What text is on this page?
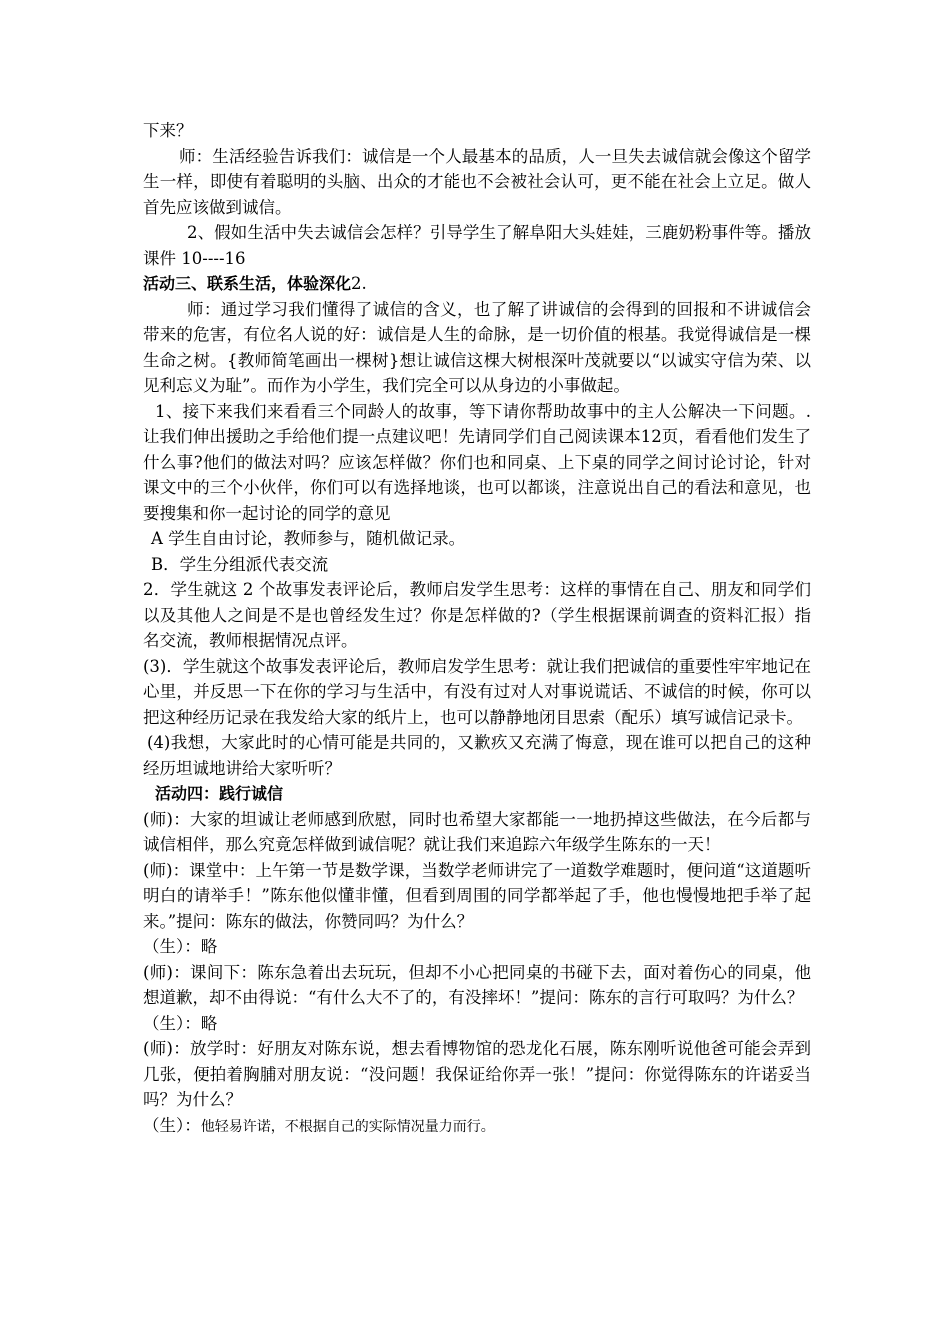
下来？

师：生活经验告诉我们：诚信是一个人最基本的品质，人一旦失去诚信就会像这个留学生一样，即使有着聪明的头脑、出众的才能也不会被社会认可，更不能在社会上立足。做人首先应该做到诚信。

2、假如生活中失去诚信会怎样？引导学生了解阜阳大头娃娃，三鹿奶粉事件等。播放课件 10----16

活动三、联系生活，体验深化2.

师：通过学习我们懂得了诚信的含义，也了解了讲诚信的会得到的回报和不讲诚信会带来的危害，有位名人说的好：诚信是人生的命脉，是一切价值的根基。我觉得诚信是一棵生命之树。{教师简笔画出一棵树}想让诚信这棵大树根深叶茂就要以“以诚实守信为荣、以见利忘义为耻”。而作为小学生，我们完全可以从身边的小事做起。

1、接下来我们来看看三个同龄人的故事，等下请你帮助故事中的主人公解决一下问题。.让我们伸出援助之手给他们提一点建议吧！先请同学们自己阅读课本12页，看看他们发生了什么事?他们的做法对吗？应该怎样做？你们也和同桌、上下桌的同学之间讨论讨论，针对课文中的三个小伙伴，你们可以有选择地谈，也可以都谈，注意说出自己的看法和意见，也要搜集和你一起讨论的同学的意见

A 学生自由讨论，教师参与，随机做记录。

B．学生分组派代表交流

2．学生就这 2 个故事发表评论后，教师启发学生思考：这样的事情在自己、朋友和同学们以及其他人之间是不是也曾经发生过？你是怎样做的?（学生根据课前调查的资料汇报）指名交流，教师根据情况点评。

(3)．学生就这个故事发表评论后，教师启发学生思考：就让我们把诚信的重要性牢牢地记在心里，并反思一下在你的学习与生活中，有没有过对人对事说谎话、不诚信的时候，你可以把这种经历记录在我发给大家的纸片上，也可以静静地闭目思索（配乐）填写诚信记录卡。

(4)我想，大家此时的心情可能是共同的，又歉疚又充满了悔意，现在谁可以把自己的这种经历坦诚地讲给大家听听？

活动四：践行诚信

(师)：大家的坦诚让老师感到欣慰，同时也希望大家都能一一地扔掉这些做法，在今后都与诚信相伴，那么究竟怎样做到诚信呢？就让我们来追踪六年级学生陈东的一天！

(师)：课堂中：上午第一节是数学课，当数学老师讲完了一道数学难题时，便问道“这道题听明白的请举手！”陈东他似懂非懂，但看到周围的同学都举起了手，他也慢慢地把手举了起来。”提问：陈东的做法，你赞同吗？为什么？

（生）：略

(师)：课间下：陈东急着出去玩玩，但却不小心把同桌的书碰下去，面对着伤心的同桌，他想道歉，却不由得说：“有什么大不了的，有没摔坏！”提问：陈东的言行可取吗？为什么？

（生）：略

(师)：放学时：好朋友对陈东说，想去看博物馆的恐龙化石展，陈东刚听说他爸可能会弄到几张，便拍着胸脯对朋友说：“没问题！我保证给你弄一张！”提问：你觉得陈东的许诺妥当吗？为什么？

（生）：他轻易许诺，不根据自己的实际情况量力而行。
